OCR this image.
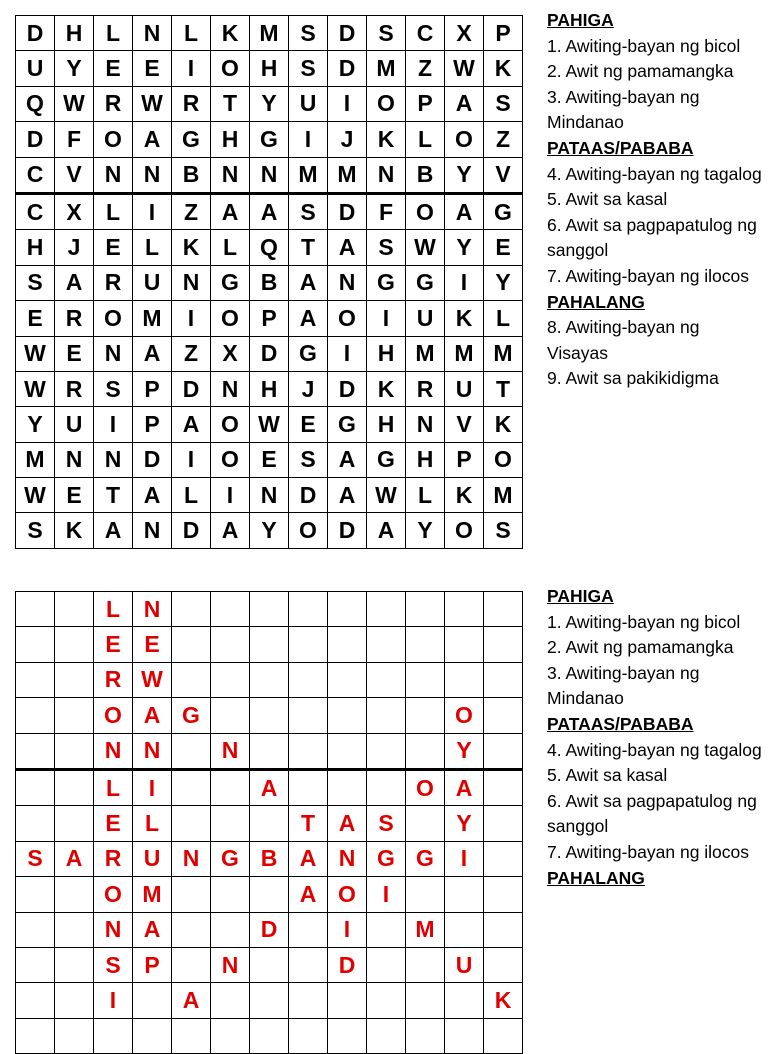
D	H	L	N	L	K	M	S	D	S	C	X	P
U	Y	E	E	I	O	H	S	D	M	Z	W	K
Q	W	R	W	R	T	Y	U	I	O	P	A	S
D	F	O	A	G	H	G	I	J	K	L	O	Z
C	V	N	N	B	N	N	M	M	N	B	Y	V
C	X	L	I	Z	A	A	S	D	F	O	A	G
H	J	E	L	K	L	Q	T	A	S	W	Y	E
S	A	R	U	N	G	B	A	N	G	G	I	Y
E	R	O	M	I	O	P	A	O	I	U	K	L
W	E	N	A	Z	X	D	G	I	H	M	M	M
W	R	S	P	D	N	H	J	D	K	R	U	T
Y	U	I	P	A	O	W	E	G	H	N	V	K
M	N	N	D	I	O	E	S	A	G	H	P	O
W	E	T	A	L	I	N	D	A	W	L	K	M
S	K	A	N	D	A	Y	O	D	A	Y	O	S
PAHIGA
1. Awiting-bayan ng bicol
2. Awit ng pamamangka
3. Awiting-bayan ng Mindanao
PATAAS/PABABA
4. Awiting-bayan ng tagalog
5. Awit sa kasal
6. Awit sa pagpapatulog ng sanggol
7. Awiting-bayan ng ilocos
PAHALANG
8. Awiting-bayan ng Visayas
9. Awit sa pakikidigma
		L	N									
		E	E									
		R	W									
		O	A	G							O	
		N	N		N						Y	
		L	I			A				O	A	
		E	L				T	A	S		Y	
S	A	R	U	N	G	B	A	N	G	G	I	
		O	M				A	O	I			
		N	A			D		I		M		
		S	P		N			D			U	
		I		A								K

PAHIGA
1. Awiting-bayan ng bicol
2. Awit ng pamamangka
3. Awiting-bayan ng Mindanao
PATAAS/PABABA
4. Awiting-bayan ng tagalog
5. Awit sa kasal
6. Awit sa pagpapatulog ng sanggol
7. Awiting-bayan ng ilocos
PAHALANG
